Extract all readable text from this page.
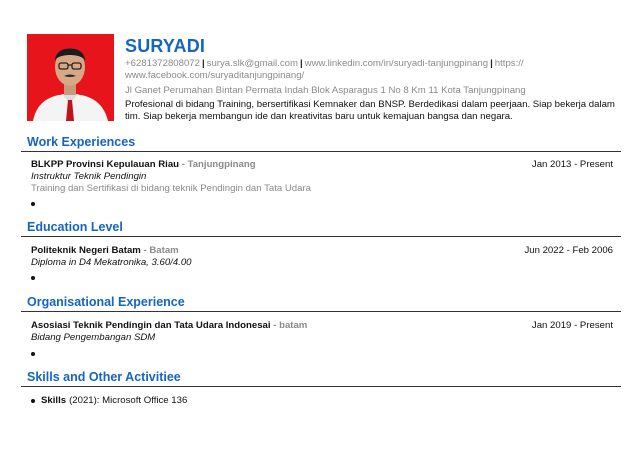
SURYADI
+6281372808072 | surya.slk@gmail.com | www.linkedin.com/in/suryadi-tanjungpinang | https://
www.facebook.com/suryaditanjungpinang/
Jl Ganet Perumahan Bintan Permata Indah Blok Asparagus 1 No 8 Km 11 Kota Tanjungpinang
Profesional di bidang Training, bersertifikasi Kemnaker dan BNSP. Berdedikasi dalam peerjaan. Siap bekerja dalam tim. Siap bekerja membangun ide dan kreativitas baru untuk kemajuan bangsa dan negara.
Work Experiences
BLKPP Provinsi Kepulauan Riau - Tanjungpinang	Jan 2013 - Present
Instruktur Teknik Pendingin
Training dan Sertifikasi di bidang teknik Pendingin dan Tata Udara
Education Level
Politeknik Negeri Batam - Batam	Jun 2022 - Feb 2006
Diploma in D4 Mekatronika, 3.60/4.00
Organisational Experience
Asosiasi Teknik Pendingin dan Tata Udara Indonesai - batam	Jan 2019 - Present
Bidang Pengembangan SDM
Skills and Other Activitiee
Skills (2021):
Microsoft Office 136
